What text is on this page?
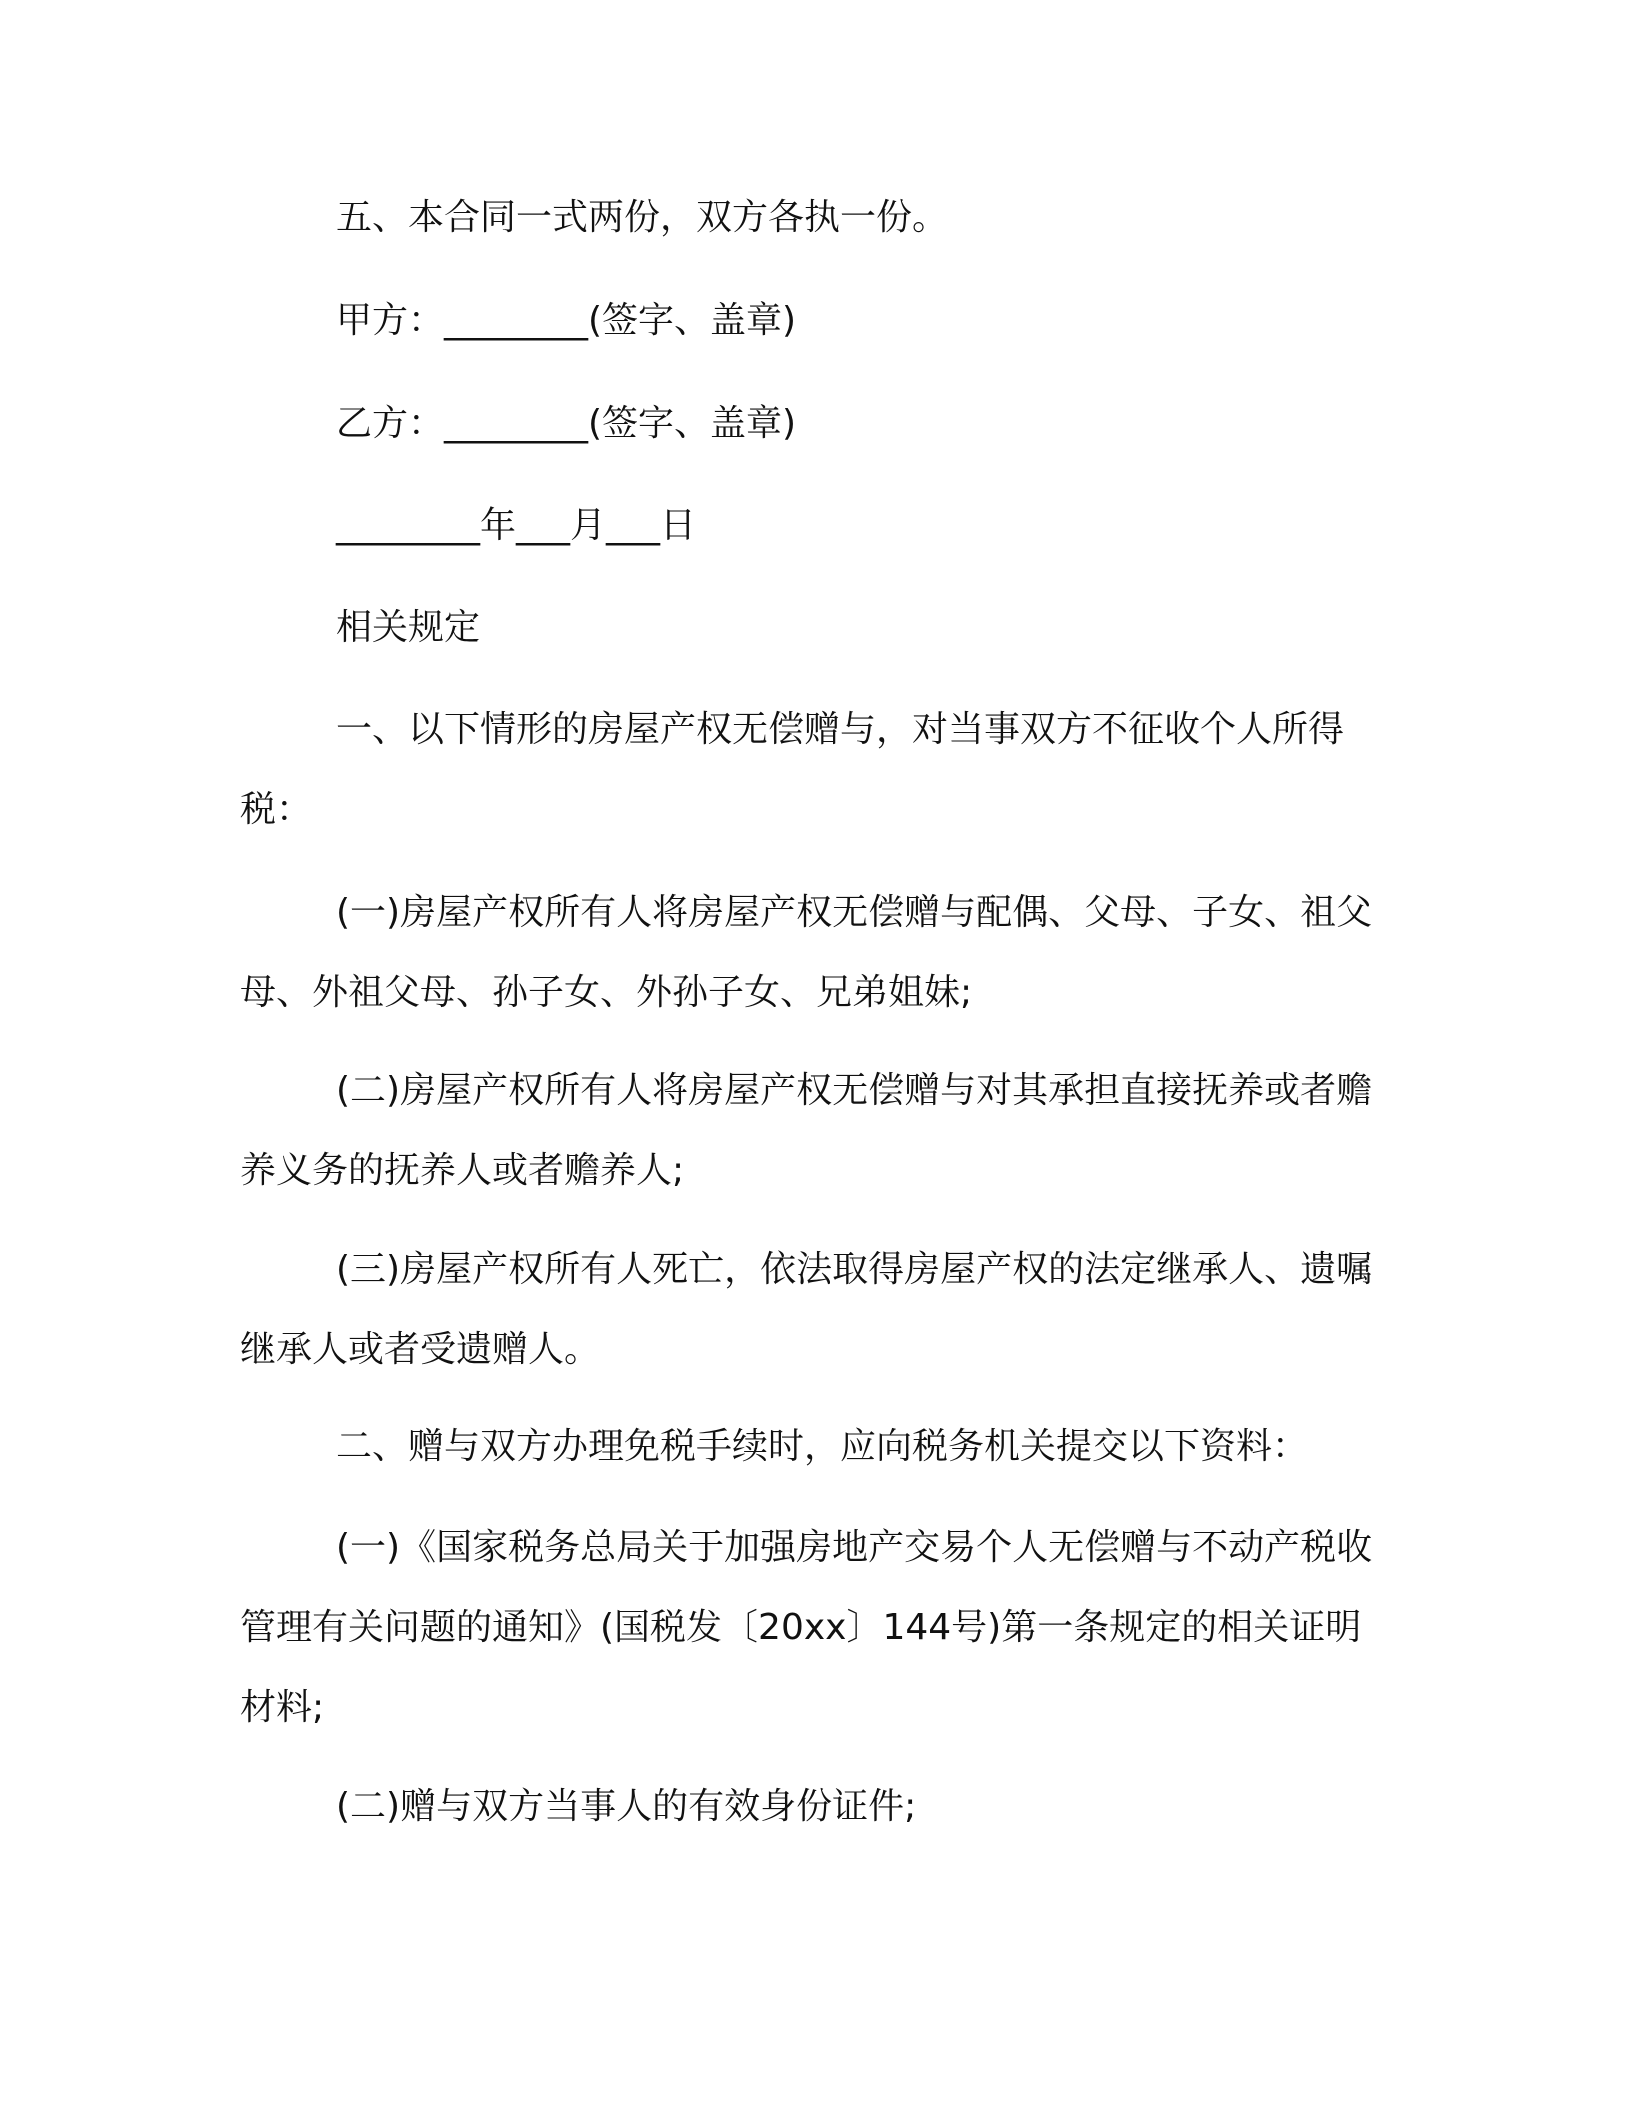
五、本合同一式两份，双方各执一份。

甲方：________(签字、盖章)

乙方：________(签字、盖章)

________年___月___日

相关规定

一、以下情形的房屋产权无偿赠与，对当事双方不征收个人所得税：

(一)房屋产权所有人将房屋产权无偿赠与配偶、父母、子女、祖父母、外祖父母、孙子女、外孙子女、兄弟姐妹;

(二)房屋产权所有人将房屋产权无偿赠与对其承担直接抚养或者赡养义务的抚养人或者赡养人;

(三)房屋产权所有人死亡，依法取得房屋产权的法定继承人、遗嘱继承人或者受遗赠人。

二、赠与双方办理免税手续时，应向税务机关提交以下资料：

(一)《国家税务总局关于加强房地产交易个人无偿赠与不动产税收管理有关问题的通知》(国税发〔20xx〕144号)第一条规定的相关证明材料;

(二)赠与双方当事人的有效身份证件;
